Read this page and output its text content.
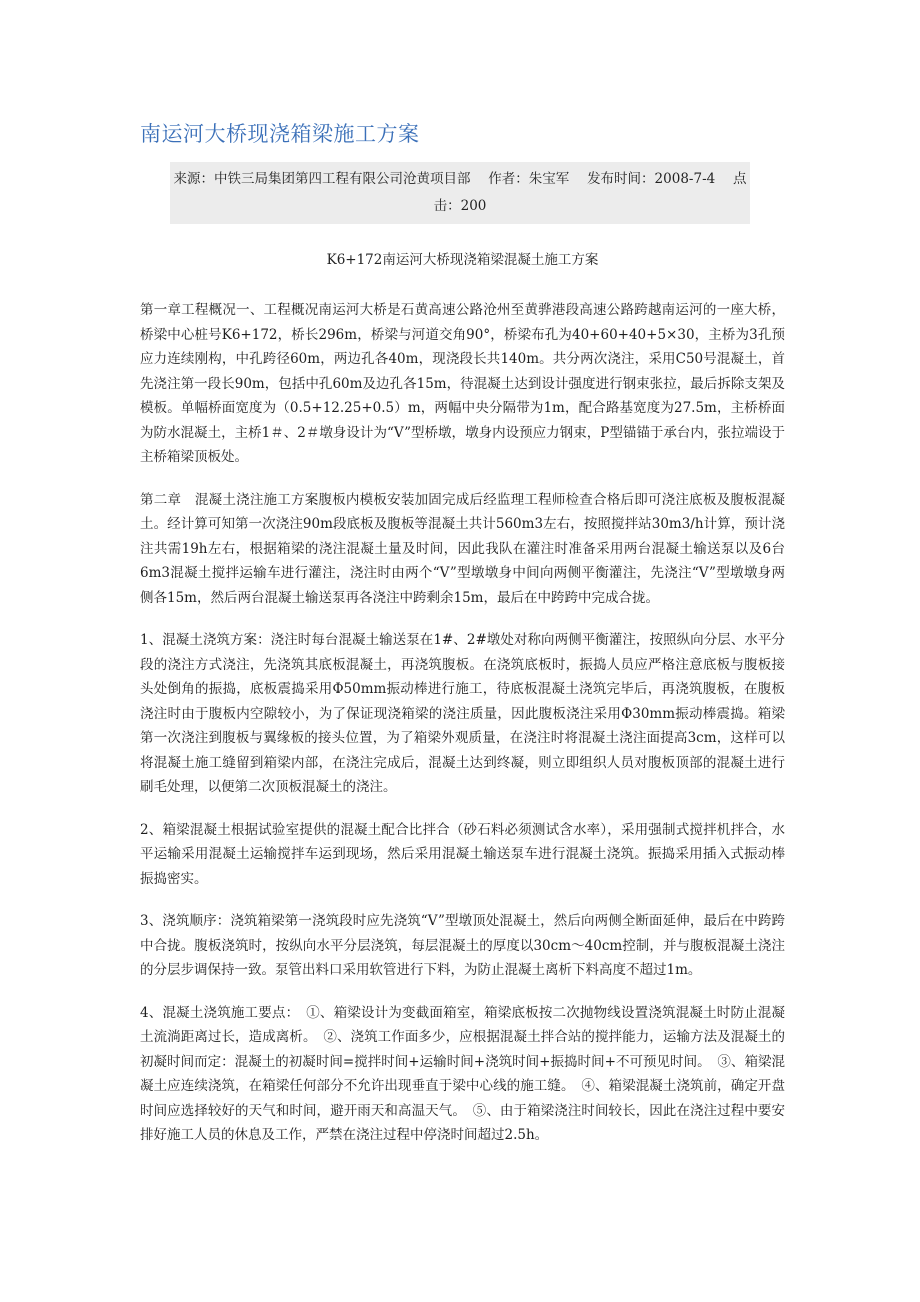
南运河大桥现浇箱梁施工方案
来源：中铁三局集团第四工程有限公司沧黄项目部　 作者：朱宝军　 发布时间：2008-7-4　 点击：200
K6+172南运河大桥现浇箱梁混凝土施工方案

第一章工程概况一、工程概况南运河大桥是石黄高速公路沧州至黄骅港段高速公路跨越南运河的一座大桥，桥梁中心桩号K6+172，桥长296m，桥梁与河道交角90°，桥梁布孔为40+60+40+5×30，主桥为3孔预应力连续刚构，中孔跨径60m，两边孔各40m，现浇段长共140m。共分两次浇注，采用C50号混凝土，首先浇注第一段长90m，包括中孔60m及边孔各15m，待混凝土达到设计强度进行钢束张拉，最后拆除支架及模板。单幅桥面宽度为（0.5+12.25+0.5）m，两幅中央分隔带为1m，配合路基宽度为27.5m，主桥桥面为防水混凝土，主桥1＃、2＃墩身设计为“V”型桥墩，墩身内设预应力钢束，P型锚锚于承台内，张拉端设于主桥箱梁顶板处。

第二章　混凝土浇注施工方案腹板内模板安装加固完成后经监理工程师检查合格后即可浇注底板及腹板混凝土。经计算可知第一次浇注90m段底板及腹板等混凝土共计560m3左右，按照搅拌站30m3/h计算，预计浇注共需19h左右，根据箱梁的浇注混凝土量及时间，因此我队在灌注时准备采用两台混凝土输送泵以及6台6m3混凝土搅拌运输车进行灌注，浇注时由两个“V”型墩墩身中间向两侧平衡灌注，先浇注“V”型墩墩身两侧各15m，然后两台混凝土输送泵再各浇注中跨剩余15m，最后在中跨跨中完成合拢。

1、混凝土浇筑方案：浇注时每台混凝土输送泵在1#、2#墩处对称向两侧平衡灌注，按照纵向分层、水平分段的浇注方式浇注，先浇筑其底板混凝土，再浇筑腹板。在浇筑底板时，振捣人员应严格注意底板与腹板接头处倒角的振捣，底板震捣采用Φ50mm振动棒进行施工，待底板混凝土浇筑完毕后，再浇筑腹板，在腹板浇注时由于腹板内空隙较小，为了保证现浇箱梁的浇注质量，因此腹板浇注采用Φ30mm振动棒震捣。箱梁第一次浇注到腹板与翼缘板的接头位置，为了箱梁外观质量，在浇注时将混凝土浇注面提高3cm，这样可以将混凝土施工缝留到箱梁内部，在浇注完成后，混凝土达到终凝，则立即组织人员对腹板顶部的混凝土进行刷毛处理，以便第二次顶板混凝土的浇注。

2、箱梁混凝土根据试验室提供的混凝土配合比拌合（砂石料必须测试含水率），采用强制式搅拌机拌合，水平运输采用混凝土运输搅拌车运到现场，然后采用混凝土输送泵车进行混凝土浇筑。振捣采用插入式振动棒振捣密实。

3、浇筑顺序：浇筑箱梁第一浇筑段时应先浇筑“V”型墩顶处混凝土，然后向两侧全断面延伸，最后在中跨跨中合拢。腹板浇筑时，按纵向水平分层浇筑，每层混凝土的厚度以30cm～40cm控制，并与腹板混凝土浇注的分层步调保持一致。泵管出料口采用软管进行下料，为防止混凝土离析下料高度不超过1m。

4、混凝土浇筑施工要点：　①、箱梁设计为变截面箱室，箱梁底板按二次抛物线设置浇筑混凝土时防止混凝土流淌距离过长，造成离析。　②、浇筑工作面多少，应根据混凝土拌合站的搅拌能力，运输方法及混凝土的初凝时间而定：混凝土的初凝时间=搅拌时间+运输时间+浇筑时间+振捣时间+不可预见时间。　③、箱梁混凝土应连续浇筑，在箱梁任何部分不允许出现垂直于梁中心线的施工缝。　④、箱梁混凝土浇筑前，确定开盘时间应选择较好的天气和时间，避开雨天和高温天气。　⑤、由于箱梁浇注时间较长，因此在浇注过程中要安排好施工人员的休息及工作，严禁在浇注过程中停浇时间超过2.5h。
